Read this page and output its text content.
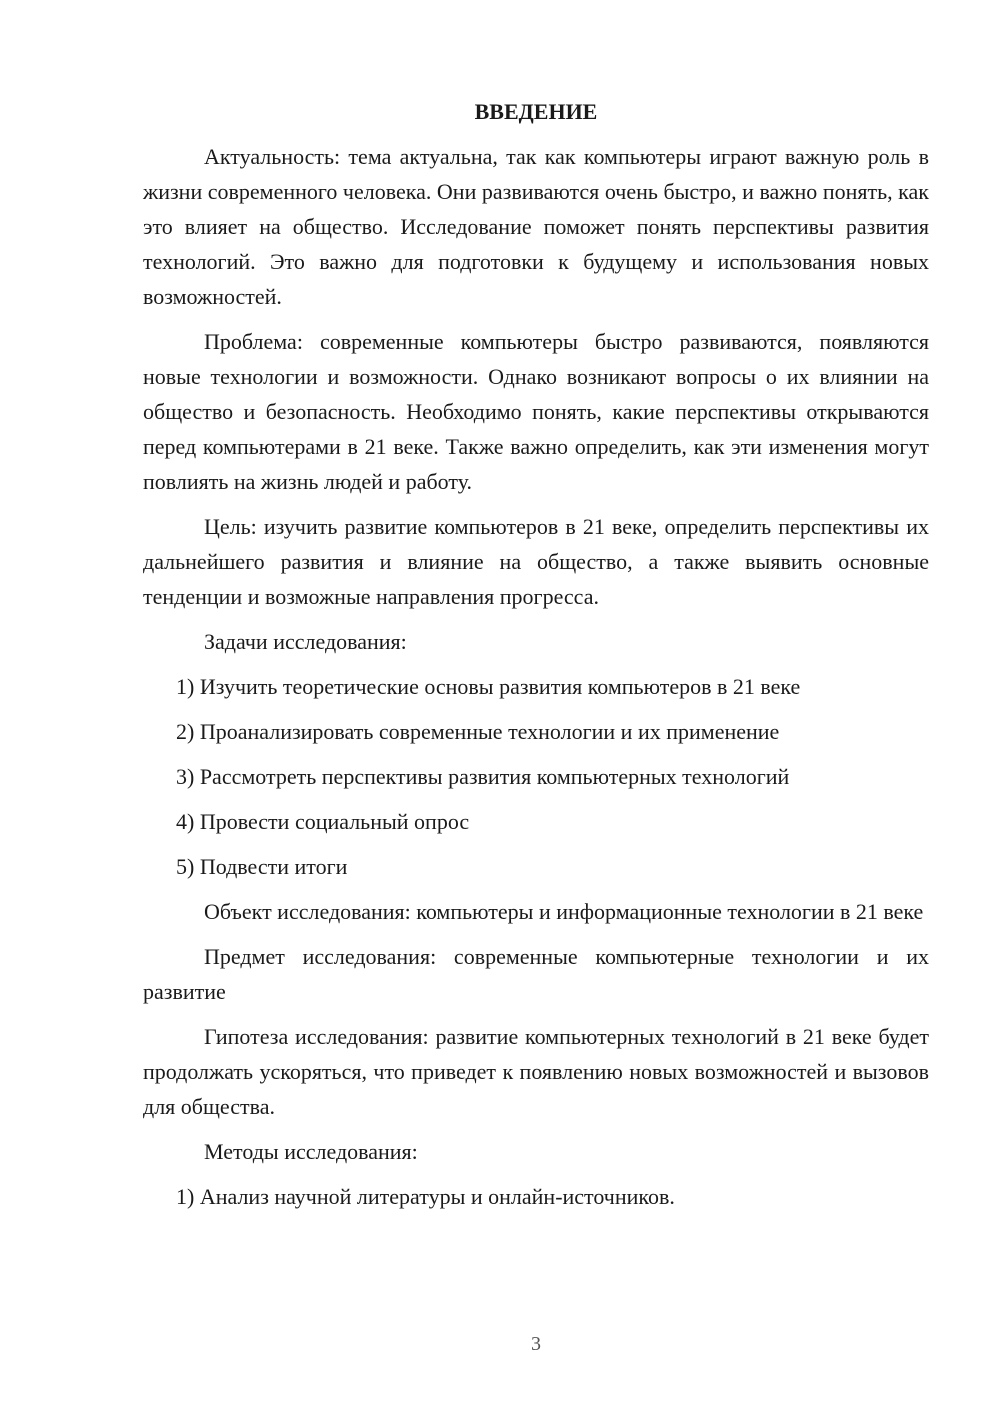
ВВЕДЕНИЕ

Актуальность: тема актуальна, так как компьютеры играют важную роль в жизни современного человека. Они развиваются очень быстро, и важно понять, как это влияет на общество. Исследование поможет понять перспективы развития технологий. Это важно для подготовки к будущему и использования новых возможностей.

Проблема: современные компьютеры быстро развиваются, появляются новые технологии и возможности. Однако возникают вопросы о их влиянии на общество и безопасность. Необходимо понять, какие перспективы открываются перед компьютерами в 21 веке. Также важно определить, как эти изменения могут повлиять на жизнь людей и работу.

Цель: изучить развитие компьютеров в 21 веке, определить перспективы их дальнейшего развития и влияние на общество, а также выявить основные тенденции и возможные направления прогресса.

Задачи исследования:

1) Изучить теоретические основы развития компьютеров в 21 веке
2) Проанализировать современные технологии и их применение
3) Рассмотреть перспективы развития компьютерных технологий
4) Провести социальный опрос
5) Подвести итоги

Объект исследования: компьютеры и информационные технологии в 21 веке

Предмет исследования: современные компьютерные технологии и их развитие

Гипотеза исследования: развитие компьютерных технологий в 21 веке будет продолжать ускоряться, что приведет к появлению новых возможностей и вызовов для общества.

Методы исследования:

1) Анализ научной литературы и онлайн-источников.
3
